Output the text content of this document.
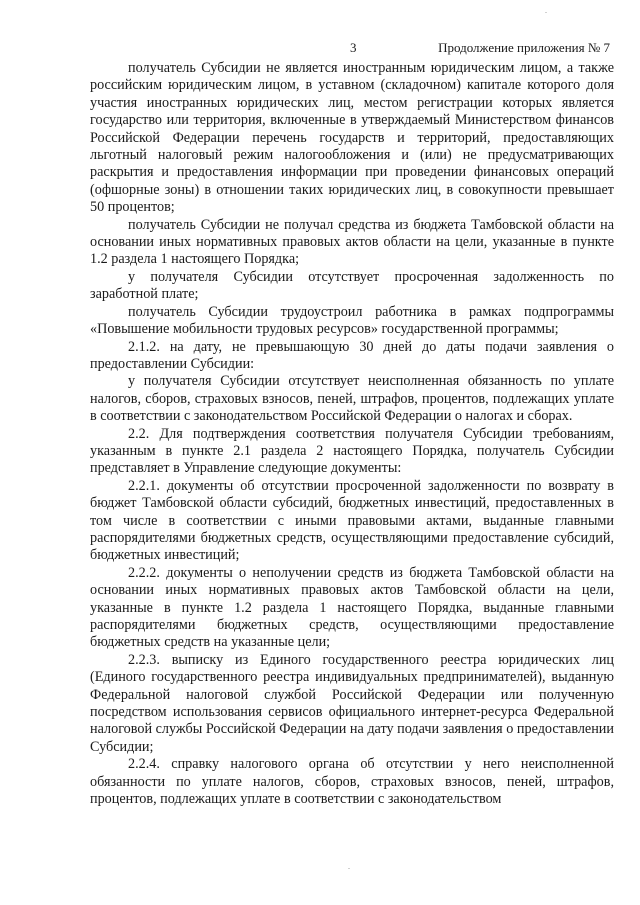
3	Продолжение приложения № 7

получатель Субсидии не является иностранным юридическим лицом, а также российским юридическим лицом, в уставном (складочном) капитале которого доля участия иностранных юридических лиц, местом регистрации которых является государство или территория, включенные в утверждаемый Министерством финансов Российской Федерации перечень государств и территорий, предоставляющих льготный налоговый режим налогообложения и (или) не предусматривающих раскрытия и предоставления информации при проведении финансовых операций (офшорные зоны) в отношении таких юридических лиц, в совокупности превышает 50 процентов;

получатель Субсидии не получал средства из бюджета Тамбовской области на основании иных нормативных правовых актов области на цели, указанные в пункте 1.2 раздела 1 настоящего Порядка;

у получателя Субсидии отсутствует просроченная задолженность по заработной плате;

получатель Субсидии трудоустроил работника в рамках подпрограммы «Повышение мобильности трудовых ресурсов» государственной программы;

2.1.2. на дату, не превышающую 30 дней до даты подачи заявления о предоставлении Субсидии:

у получателя Субсидии отсутствует неисполненная обязанность по уплате налогов, сборов, страховых взносов, пеней, штрафов, процентов, подлежащих уплате в соответствии с законодательством Российской Федерации о налогах и сборах.

2.2. Для подтверждения соответствия получателя Субсидии требованиям, указанным в пункте 2.1 раздела 2 настоящего Порядка, получатель Субсидии представляет в Управление следующие документы:

2.2.1. документы об отсутствии просроченной задолженности по возврату в бюджет Тамбовской области субсидий, бюджетных инвестиций, предоставленных в том числе в соответствии с иными правовыми актами, выданные главными распорядителями бюджетных средств, осуществляющими предоставление субсидий, бюджетных инвестиций;

2.2.2. документы о неполучении средств из бюджета Тамбовской области на основании иных нормативных правовых актов Тамбовской области на цели, указанные в пункте 1.2 раздела 1 настоящего Порядка, выданные главными распорядителями бюджетных средств, осуществляющими предоставление бюджетных средств на указанные цели;

2.2.3. выписку из Единого государственного реестра юридических лиц (Единого государственного реестра индивидуальных предпринимателей), выданную Федеральной налоговой службой Российской Федерации или полученную посредством использования сервисов официального интернет-ресурса Федеральной налоговой службы Российской Федерации на дату подачи заявления о предоставлении Субсидии;

2.2.4. справку налогового органа об отсутствии у него неисполненной обязанности по уплате налогов, сборов, страховых взносов, пеней, штрафов, процентов, подлежащих уплате в соответствии с законодательством

.
.
